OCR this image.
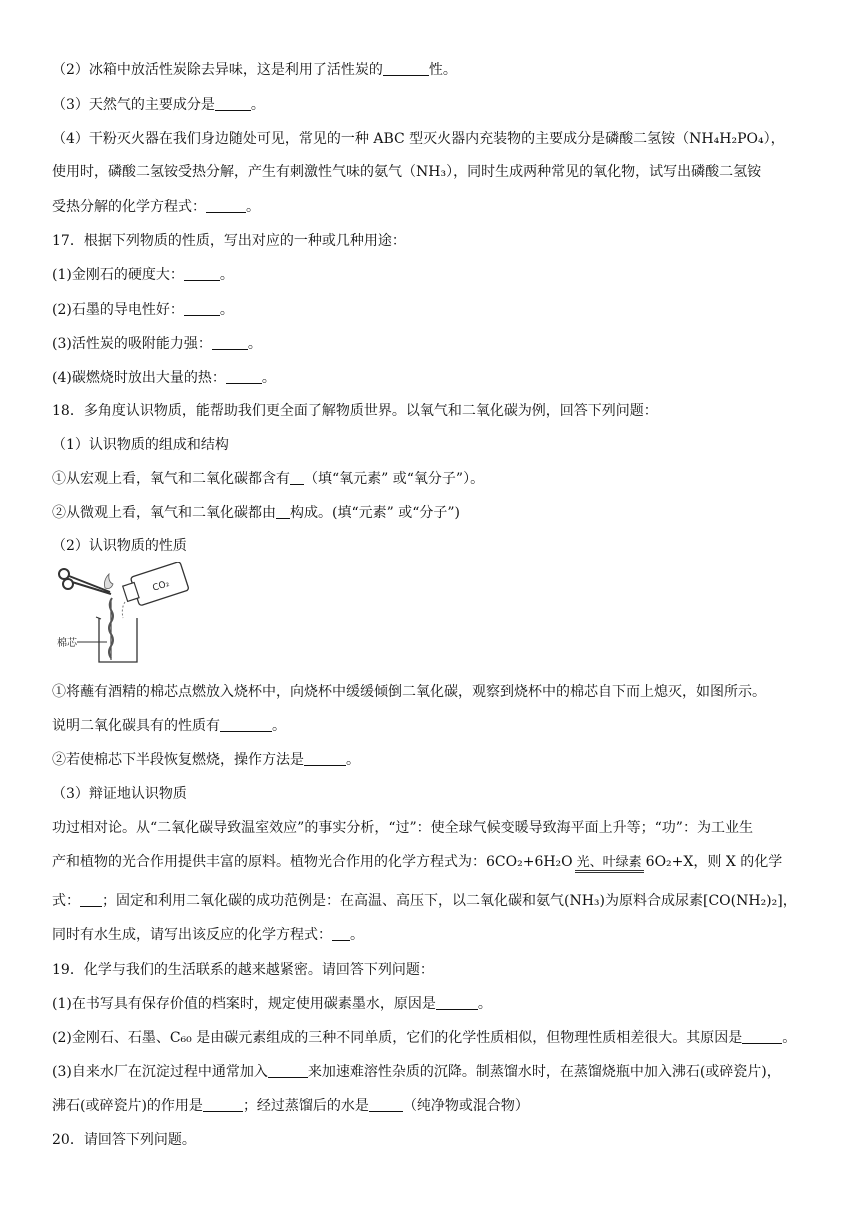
（2）冰箱中放活性炭除去异味，这是利用了活性炭的	性。
（3）天然气的主要成分是	。
（4）干粉灭火器在我们身边随处可见，常见的一种 ABC 型灭火器内充装物的主要成分是磷酸二氢铵（NH₄H₂PO₄），
使用时，磷酸二氢铵受热分解，产生有刺激性气味的氨气（NH₃），同时生成两种常见的氧化物，试写出磷酸二氢铵
受热分解的化学方程式：	。
17．根据下列物质的性质，写出对应的一种或几种用途：
(1)金刚石的硬度大：	。
(2)石墨的导电性好：	。
(3)活性炭的吸附能力强：	。
(4)碳燃烧时放出大量的热：	。
18．多角度认识物质，能帮助我们更全面了解物质世界。以氧气和二氧化碳为例，回答下列问题：
（1）认识物质的组成和结构
①从宏观上看，氧气和二氧化碳都含有 （填“氧元素” 或“氧分子”）。
②从微观上看，氧气和二氧化碳都由 构成。(填“元素” 或“分子”)
（2）认识物质的性质
CO₂
棉芯
①将蘸有酒精的棉芯点燃放入烧杯中，向烧杯中缓缓倾倒二氧化碳，观察到烧杯中的棉芯自下而上熄灭，如图所示。
说明二氧化碳具有的性质有	。
②若使棉芯下半段恢复燃烧，操作方法是	。
（3）辩证地认识物质
功过相对论。从“二氧化碳导致温室效应”的事实分析，“过”：使全球气候变暖导致海平面上升等；“功”：为工业生
产和植物的光合作用提供丰富的原料。植物光合作用的化学方程式为：6CO₂+6H₂O 光、叶绿素 6O₂+X，则 X 的化学
式： ；固定和利用二氧化碳的成功范例是：在高温、高压下，以二氧化碳和氨气(NH₃)为原料合成尿素[CO(NH₂)₂]，
同时有水生成，请写出该反应的化学方程式： 。
19．化学与我们的生活联系的越来越紧密。请回答下列问题：
(1)在书写具有保存价值的档案时，规定使用碳素墨水，原因是	。
(2)金刚石、石墨、C₆₀ 是由碳元素组成的三种不同单质，它们的化学性质相似，但物理性质相差很大。其原因是	。
(3)自来水厂在沉淀过程中通常加入	来加速难溶性杂质的沉降。制蒸馏水时，在蒸馏烧瓶中加入沸石(或碎瓷片)，
沸石(或碎瓷片)的作用是	；经过蒸馏后的水是 （纯净物或混合物）
20．请回答下列问题。
